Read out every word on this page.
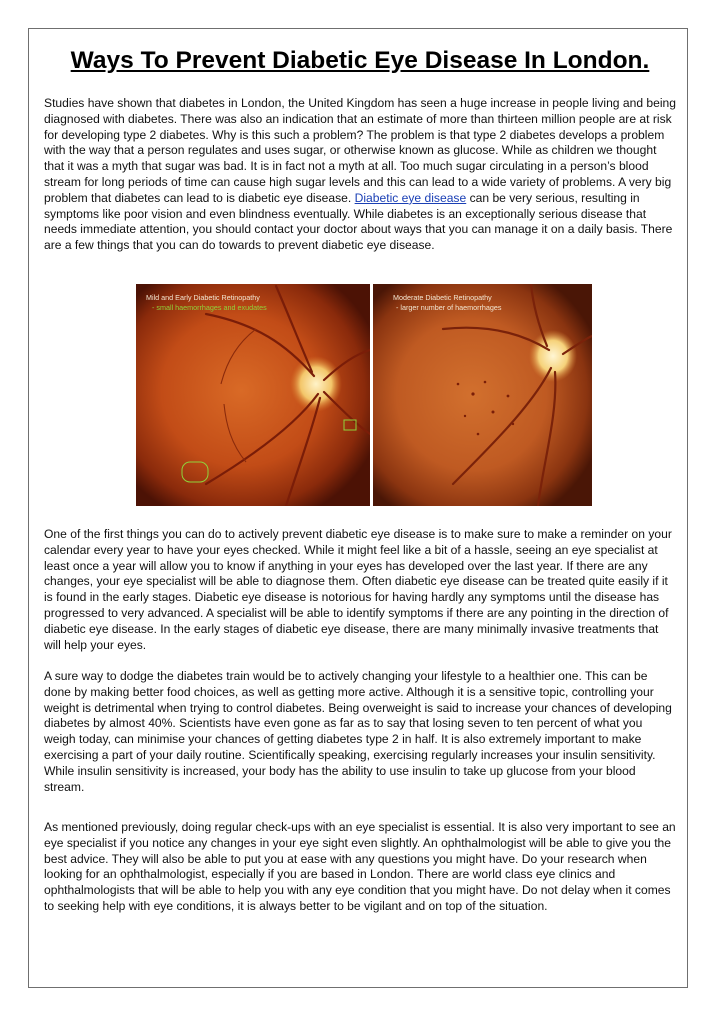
Ways To Prevent Diabetic Eye Disease In London.

Studies have shown that diabetes in London, the United Kingdom has seen a huge increase in people living and being diagnosed with diabetes. There was also an indication that an estimate of more than thirteen million people are at risk for developing type 2 diabetes. Why is this such a problem? The problem is that type 2 diabetes develops a problem with the way that a person regulates and uses sugar, or otherwise known as glucose. While as children we thought that it was a myth that sugar was bad. It is in fact not a myth at all. Too much sugar circulating in a person’s blood stream for long periods of time can cause high sugar levels and this can lead to a wide variety of problems. A very big problem that diabetes can lead to is diabetic eye disease. Diabetic eye disease can be very serious, resulting in symptoms like poor vision and even blindness eventually. While diabetes is an exceptionally serious disease that needs immediate attention, you should contact your doctor about ways that you can manage it on a daily basis. There are a few things that you can do towards to prevent diabetic eye disease.

Mild and Early Diabetic Retinopathy
- small haemorrhages and exudates
Moderate Diabetic Retinopathy
- larger number of haemorrhages

One of the first things you can do to actively prevent diabetic eye disease is to make sure to make a reminder on your calendar every year to have your eyes checked. While it might feel like a bit of a hassle, seeing an eye specialist at least once a year will allow you to know if anything in your eyes has developed over the last year. If there are any changes, your eye specialist will be able to diagnose them. Often diabetic eye disease can be treated quite easily if it is found in the early stages. Diabetic eye disease is notorious for having hardly any symptoms until the disease has progressed to very advanced. A specialist will be able to identify symptoms if there are any pointing in the direction of diabetic eye disease. In the early stages of diabetic eye disease, there are many minimally invasive treatments that will help your eyes.

A sure way to dodge the diabetes train would be to actively changing your lifestyle to a healthier one. This can be done by making better food choices, as well as getting more active. Although it is a sensitive topic, controlling your weight is detrimental when trying to control diabetes. Being overweight is said to increase your chances of developing diabetes by almost 40%. Scientists have even gone as far as to say that losing seven to ten percent of what you weigh today, can minimise your chances of getting diabetes type 2 in half. It is also extremely important to make exercising a part of your daily routine. Scientifically speaking, exercising regularly increases your insulin sensitivity. While insulin sensitivity is increased, your body has the ability to use insulin to take up glucose from your blood stream.

As mentioned previously, doing regular check-ups with an eye specialist is essential. It is also very important to see an eye specialist if you notice any changes in your eye sight even slightly. An ophthalmologist will be able to give you the best advice. They will also be able to put you at ease with any questions you might have. Do your research when looking for an ophthalmologist, especially if you are based in London. There are world class eye clinics and ophthalmologists that will be able to help you with any eye condition that you might have. Do not delay when it comes to seeking help with eye conditions, it is always better to be vigilant and on top of the situation.
